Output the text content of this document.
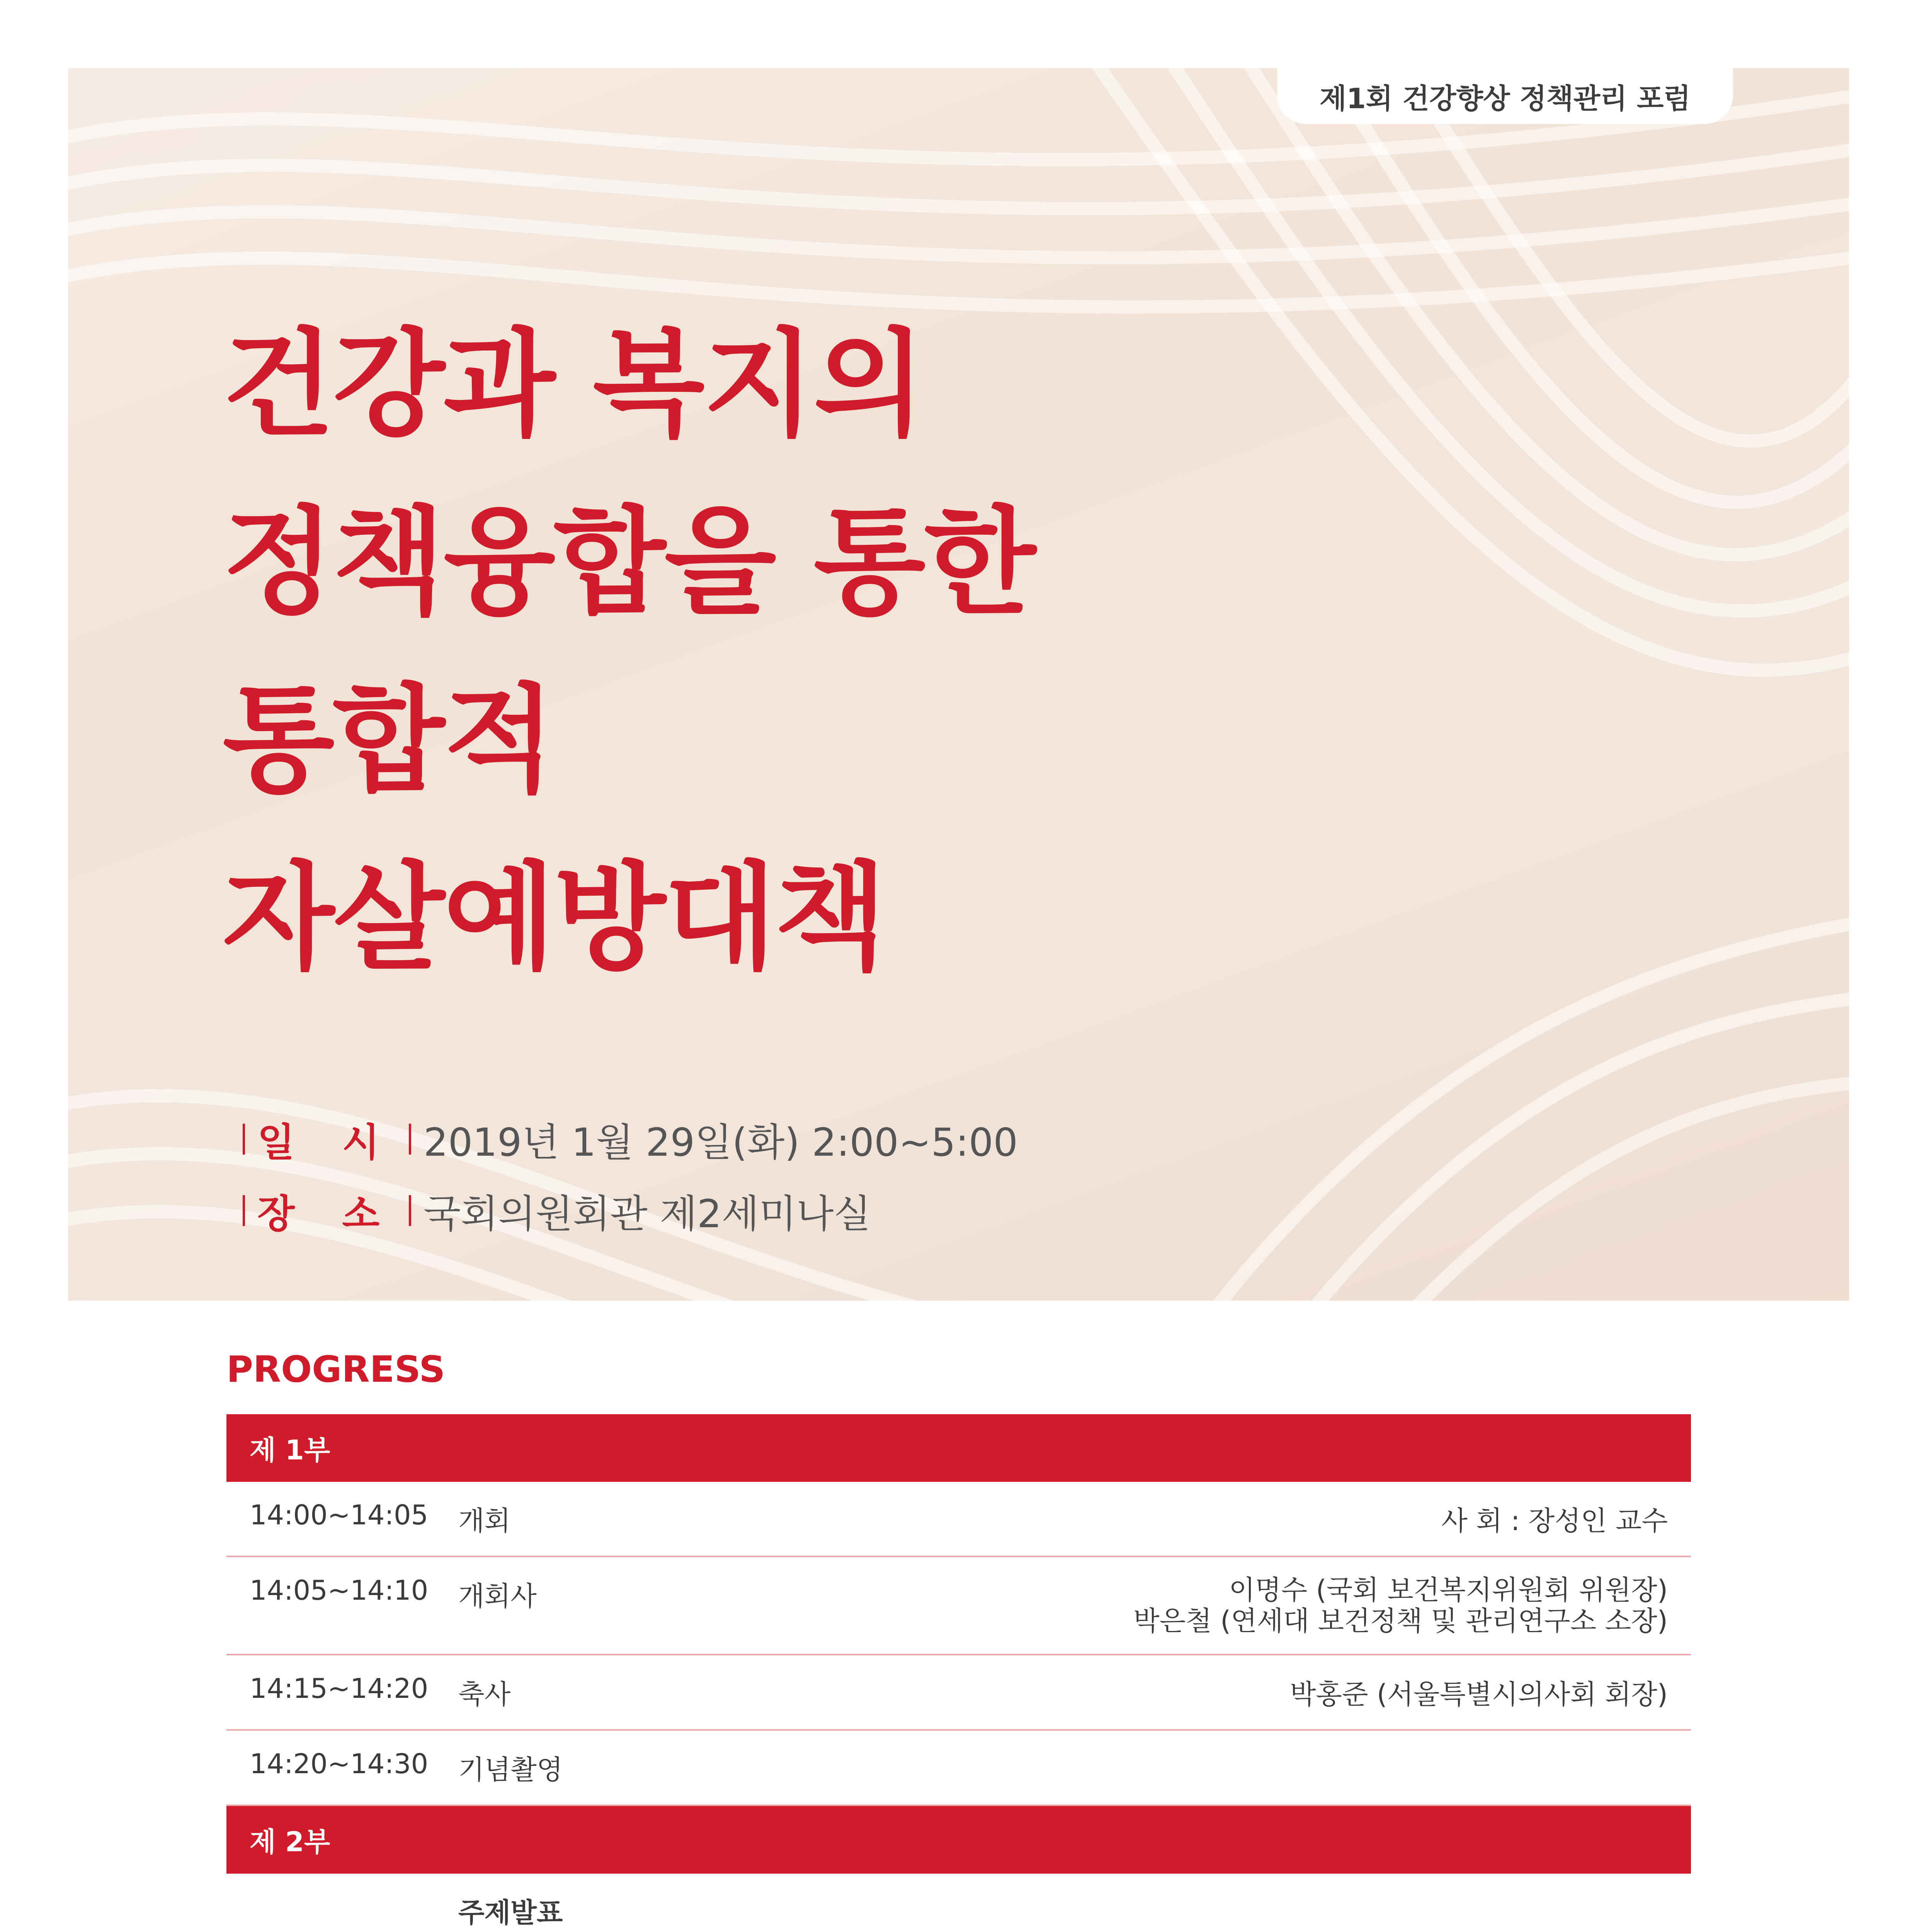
제1회 건강향상 정책관리 포럼
건강과 복지의
정책융합을 통한
통합적
자살예방대책
일 시 2019년 1월 29일(화) 2:00~5:00
장 소 국회의원회관 제2세미나실
PROGRESS
제 1부		
14:00~14:05	개회	사 회 : 장성인 교수
14:05~14:10	개회사	이명수 (국회 보건복지위원회 위원장)
박은철 (연세대 보건정책 및 관리연구소 소장)

14:15~14:20	축사	박홍준 (서울특별시의사회 회장)
14:20~14:30	기념촬영	
제 2부		
	주제발표	
